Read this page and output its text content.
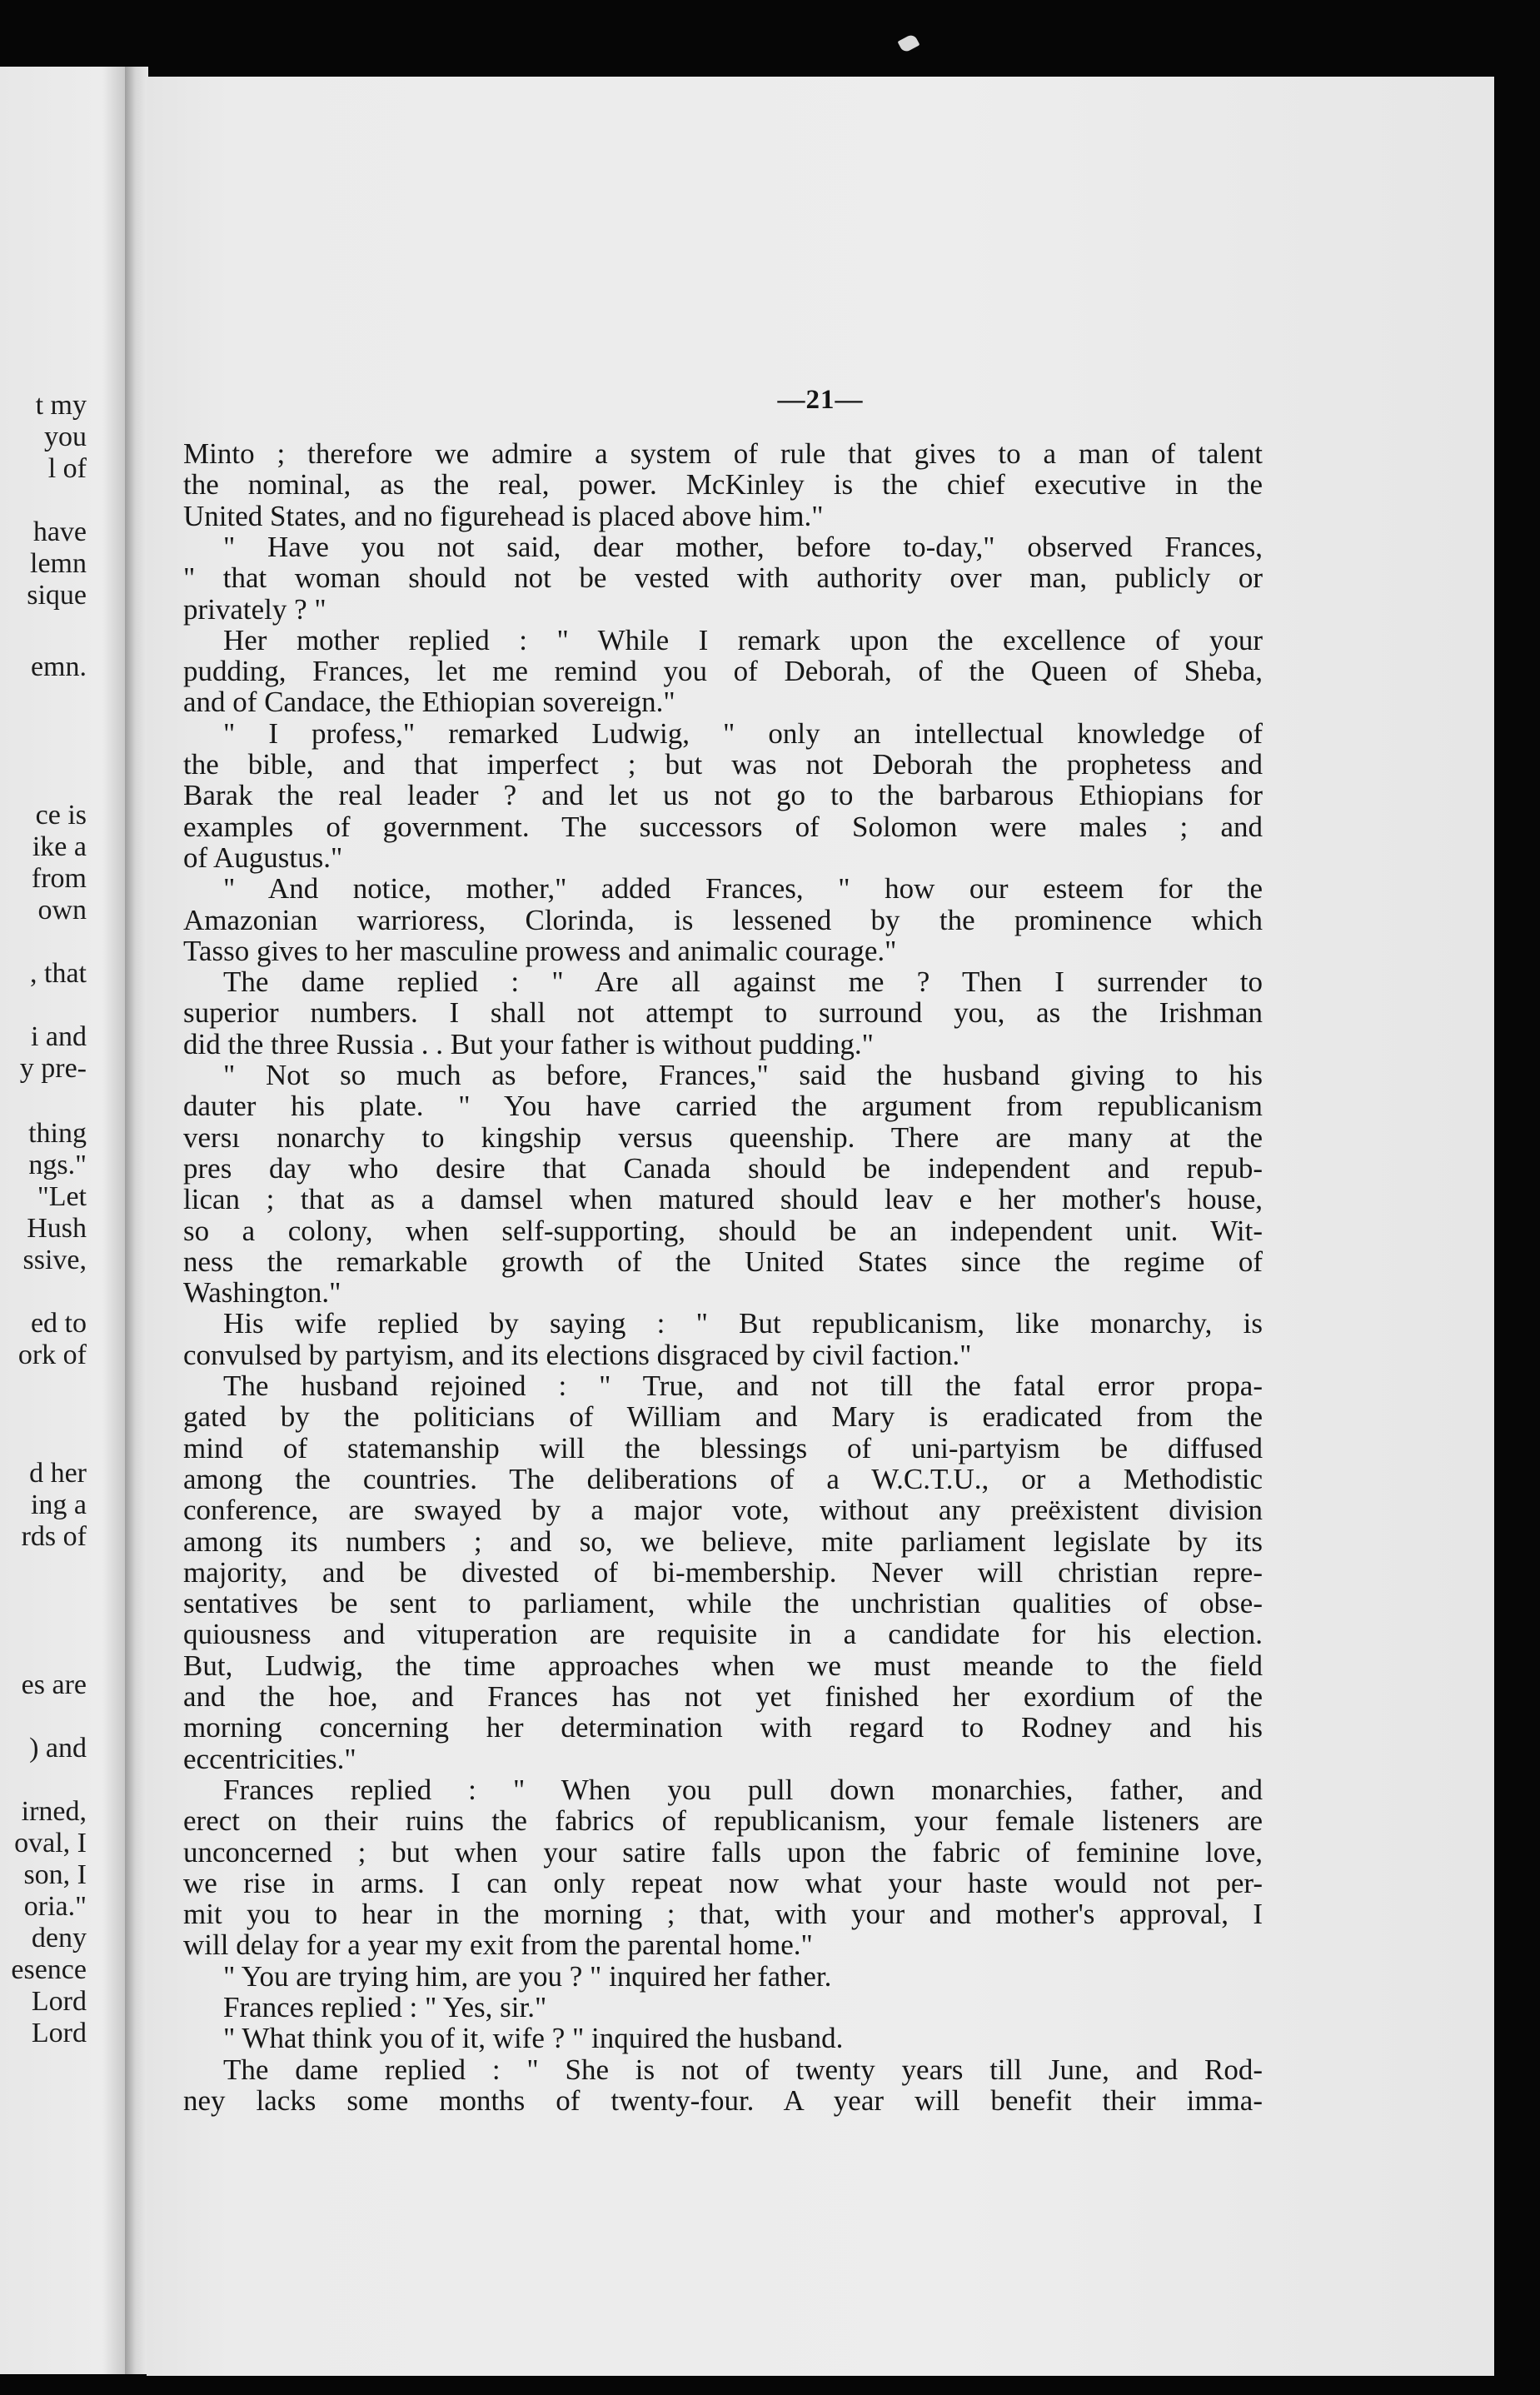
t my
you
l of
have
lemn
sique
emn.
ce is
ike a
from
own
, that
i and
y pre-
thing
ngs."
"Let
Hush
ssive,
ed to
ork of
d her
ing a
rds of
es are
) and
irned,
oval, I
son, I
oria."
deny
esence
Lord
Lord
—21—
Minto ; therefore we admire a system of rule that gives to a man of talent
the nominal, as the real, power. McKinley is the chief executive in the
United States, and no figurehead is placed above him."
" Have you not said, dear mother, before to-day," observed Frances,
" that woman should not be vested with authority over man, publicly or
privately ? "
Her mother replied : " While I remark upon the excellence of your
pudding, Frances, let me remind you of Deborah, of the Queen of Sheba,
and of Candace, the Ethiopian sovereign."
" I profess," remarked Ludwig, " only an intellectual knowledge of
the bible, and that imperfect ; but was not Deborah the prophetess and
Barak the real leader ? and let us not go to the barbarous Ethiopians for
examples of government. The successors of Solomon were males ; and
of Augustus."
" And notice, mother," added Frances, " how our esteem for the
Amazonian warrioress, Clorinda, is lessened by the prominence which
Tasso gives to her masculine prowess and animalic courage."
The dame replied : " Are all against me ? Then I surrender to
superior numbers. I shall not attempt to surround you, as the Irishman
did the three Russia . . But your father is without pudding."
" Not so much as before, Frances," said the husband giving to his
dauter his plate. " You have carried the argument from republicanism
versı nonarchy to kingship versus queenship. There are many at the
pres day who desire that Canada should be independent and repub-
lican ; that as a damsel when matured should leav e her mother's house,
so a colony, when self-supporting, should be an independent unit. Wit-
ness the remarkable growth of the United States since the regime of
Washington."
His wife replied by saying : " But republicanism, like monarchy, is
convulsed by partyism, and its elections disgraced by civil faction."
The husband rejoined : " True, and not till the fatal error propa-
gated by the politicians of William and Mary is eradicated from the
mind of statemanship will the blessings of uni-partyism be diffused
among the countries. The deliberations of a W.C.T.U., or a Methodistic
conference, are swayed by a major vote, without any preëxistent division
among its numbers ; and so, we believe, mite parliament legislate by its
majority, and be divested of bi-membership. Never will christian repre-
sentatives be sent to parliament, while the unchristian qualities of obse-
quiousness and vituperation are requisite in a candidate for his election.
But, Ludwig, the time approaches when we must meande to the field
and the hoe, and Frances has not yet finished her exordium of the
morning concerning her determination with regard to Rodney and his
eccentricities."
Frances replied : " When you pull down monarchies, father, and
erect on their ruins the fabrics of republicanism, your female listeners are
unconcerned ; but when your satire falls upon the fabric of feminine love,
we rise in arms. I can only repeat now what your haste would not per-
mit you to hear in the morning ; that, with your and mother's approval, I
will delay for a year my exit from the parental home."
" You are trying him, are you ? " inquired her father.
Frances replied : " Yes, sir."
" What think you of it, wife ? " inquired the husband.
The dame replied : " She is not of twenty years till June, and Rod-
ney lacks some months of twenty-four. A year will benefit their imma-
